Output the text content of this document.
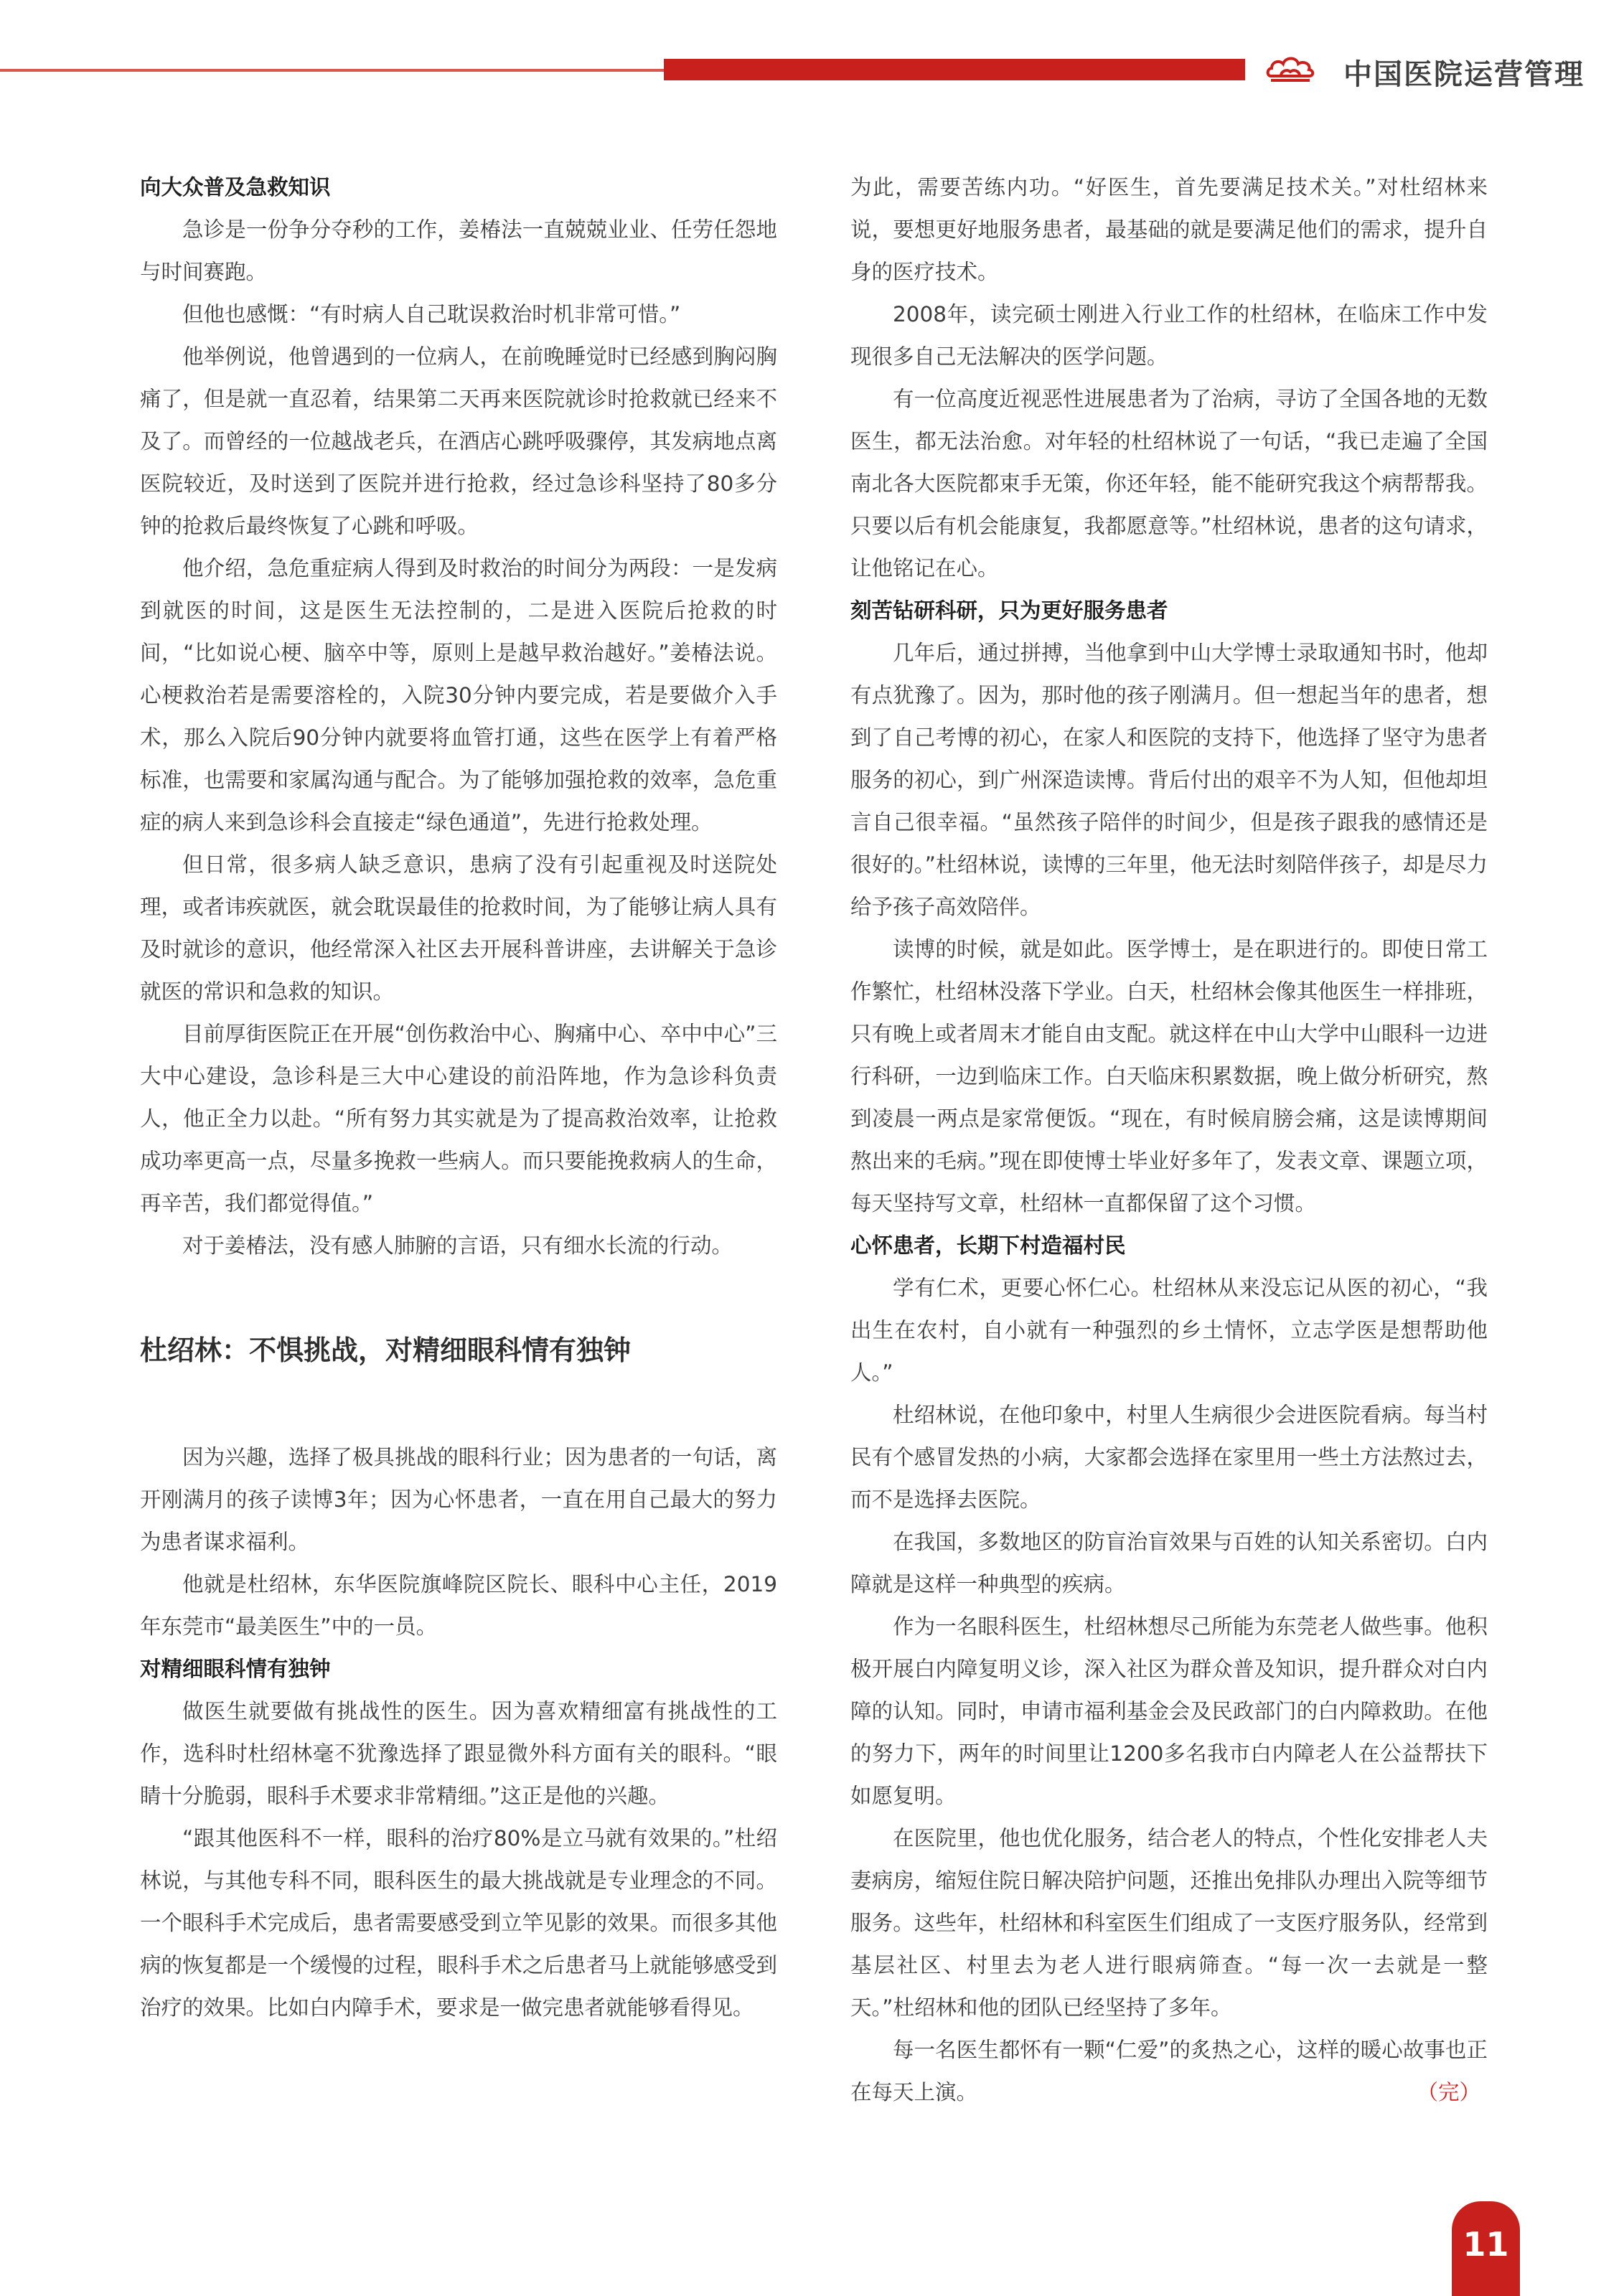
中国医院运营管理

向大众普及急救知识

急诊是一份争分夺秒的工作，姜椿法一直兢兢业业、任劳任怨地与时间赛跑。

但他也感慨：“有时病人自己耽误救治时机非常可惜。”

他举例说，他曾遇到的一位病人，在前晚睡觉时已经感到胸闷胸痛了，但是就一直忍着，结果第二天再来医院就诊时抢救就已经来不及了。而曾经的一位越战老兵，在酒店心跳呼吸骤停，其发病地点离医院较近，及时送到了医院并进行抢救，经过急诊科坚持了80多分钟的抢救后最终恢复了心跳和呼吸。

他介绍，急危重症病人得到及时救治的时间分为两段：一是发病到就医的时间，这是医生无法控制的，二是进入医院后抢救的时间，“比如说心梗、脑卒中等，原则上是越早救治越好。”姜椿法说。心梗救治若是需要溶栓的，入院30分钟内要完成，若是要做介入手术，那么入院后90分钟内就要将血管打通，这些在医学上有着严格标准，也需要和家属沟通与配合。为了能够加强抢救的效率，急危重症的病人来到急诊科会直接走“绿色通道”，先进行抢救处理。

但日常，很多病人缺乏意识，患病了没有引起重视及时送院处理，或者讳疾就医，就会耽误最佳的抢救时间，为了能够让病人具有及时就诊的意识，他经常深入社区去开展科普讲座，去讲解关于急诊就医的常识和急救的知识。

目前厚街医院正在开展“创伤救治中心、胸痛中心、卒中中心”三大中心建设，急诊科是三大中心建设的前沿阵地，作为急诊科负责人，他正全力以赴。“所有努力其实就是为了提高救治效率，让抢救成功率更高一点，尽量多挽救一些病人。而只要能挽救病人的生命，再辛苦，我们都觉得值。”

对于姜椿法，没有感人肺腑的言语，只有细水长流的行动。

杜绍林：不惧挑战，对精细眼科情有独钟

因为兴趣，选择了极具挑战的眼科行业；因为患者的一句话，离开刚满月的孩子读博3年；因为心怀患者，一直在用自己最大的努力为患者谋求福利。

他就是杜绍林，东华医院旗峰院区院长、眼科中心主任，2019年东莞市“最美医生”中的一员。

对精细眼科情有独钟

做医生就要做有挑战性的医生。因为喜欢精细富有挑战性的工作，选科时杜绍林毫不犹豫选择了跟显微外科方面有关的眼科。“眼睛十分脆弱，眼科手术要求非常精细。”这正是他的兴趣。

“跟其他医科不一样，眼科的治疗80%是立马就有效果的。”杜绍林说，与其他专科不同，眼科医生的最大挑战就是专业理念的不同。一个眼科手术完成后，患者需要感受到立竿见影的效果。而很多其他病的恢复都是一个缓慢的过程，眼科手术之后患者马上就能够感受到治疗的效果。比如白内障手术，要求是一做完患者就能够看得见。

为此，需要苦练内功。“好医生，首先要满足技术关。”对杜绍林来说，要想更好地服务患者，最基础的就是要满足他们的需求，提升自身的医疗技术。

2008年，读完硕士刚进入行业工作的杜绍林，在临床工作中发现很多自己无法解决的医学问题。

有一位高度近视恶性进展患者为了治病，寻访了全国各地的无数医生，都无法治愈。对年轻的杜绍林说了一句话，“我已走遍了全国南北各大医院都束手无策，你还年轻，能不能研究我这个病帮帮我。只要以后有机会能康复，我都愿意等。”杜绍林说，患者的这句请求，让他铭记在心。

刻苦钻研科研，只为更好服务患者

几年后，通过拼搏，当他拿到中山大学博士录取通知书时，他却有点犹豫了。因为，那时他的孩子刚满月。但一想起当年的患者，想到了自己考博的初心，在家人和医院的支持下，他选择了坚守为患者服务的初心，到广州深造读博。背后付出的艰辛不为人知，但他却坦言自己很幸福。“虽然孩子陪伴的时间少，但是孩子跟我的感情还是很好的。”杜绍林说，读博的三年里，他无法时刻陪伴孩子，却是尽力给予孩子高效陪伴。

读博的时候，就是如此。医学博士，是在职进行的。即使日常工作繁忙，杜绍林没落下学业。白天，杜绍林会像其他医生一样排班，只有晚上或者周末才能自由支配。就这样在中山大学中山眼科一边进行科研，一边到临床工作。白天临床积累数据，晚上做分析研究，熬到凌晨一两点是家常便饭。“现在，有时候肩膀会痛，这是读博期间熬出来的毛病。”现在即使博士毕业好多年了，发表文章、课题立项，每天坚持写文章，杜绍林一直都保留了这个习惯。

心怀患者，长期下村造福村民

学有仁术，更要心怀仁心。杜绍林从来没忘记从医的初心，“我出生在农村，自小就有一种强烈的乡土情怀，立志学医是想帮助他人。”

杜绍林说，在他印象中，村里人生病很少会进医院看病。每当村民有个感冒发热的小病，大家都会选择在家里用一些土方法熬过去，而不是选择去医院。

在我国，多数地区的防盲治盲效果与百姓的认知关系密切。白内障就是这样一种典型的疾病。

作为一名眼科医生，杜绍林想尽己所能为东莞老人做些事。他积极开展白内障复明义诊，深入社区为群众普及知识，提升群众对白内障的认知。同时，申请市福利基金会及民政部门的白内障救助。在他的努力下，两年的时间里让1200多名我市白内障老人在公益帮扶下如愿复明。

在医院里，他也优化服务，结合老人的特点，个性化安排老人夫妻病房，缩短住院日解决陪护问题，还推出免排队办理出入院等细节服务。这些年，杜绍林和科室医生们组成了一支医疗服务队，经常到基层社区、村里去为老人进行眼病筛查。“每一次一去就是一整天。”杜绍林和他的团队已经坚持了多年。

每一名医生都怀有一颗“仁爱”的炙热之心，这样的暖心故事也正在每天上演。	（完）

11
